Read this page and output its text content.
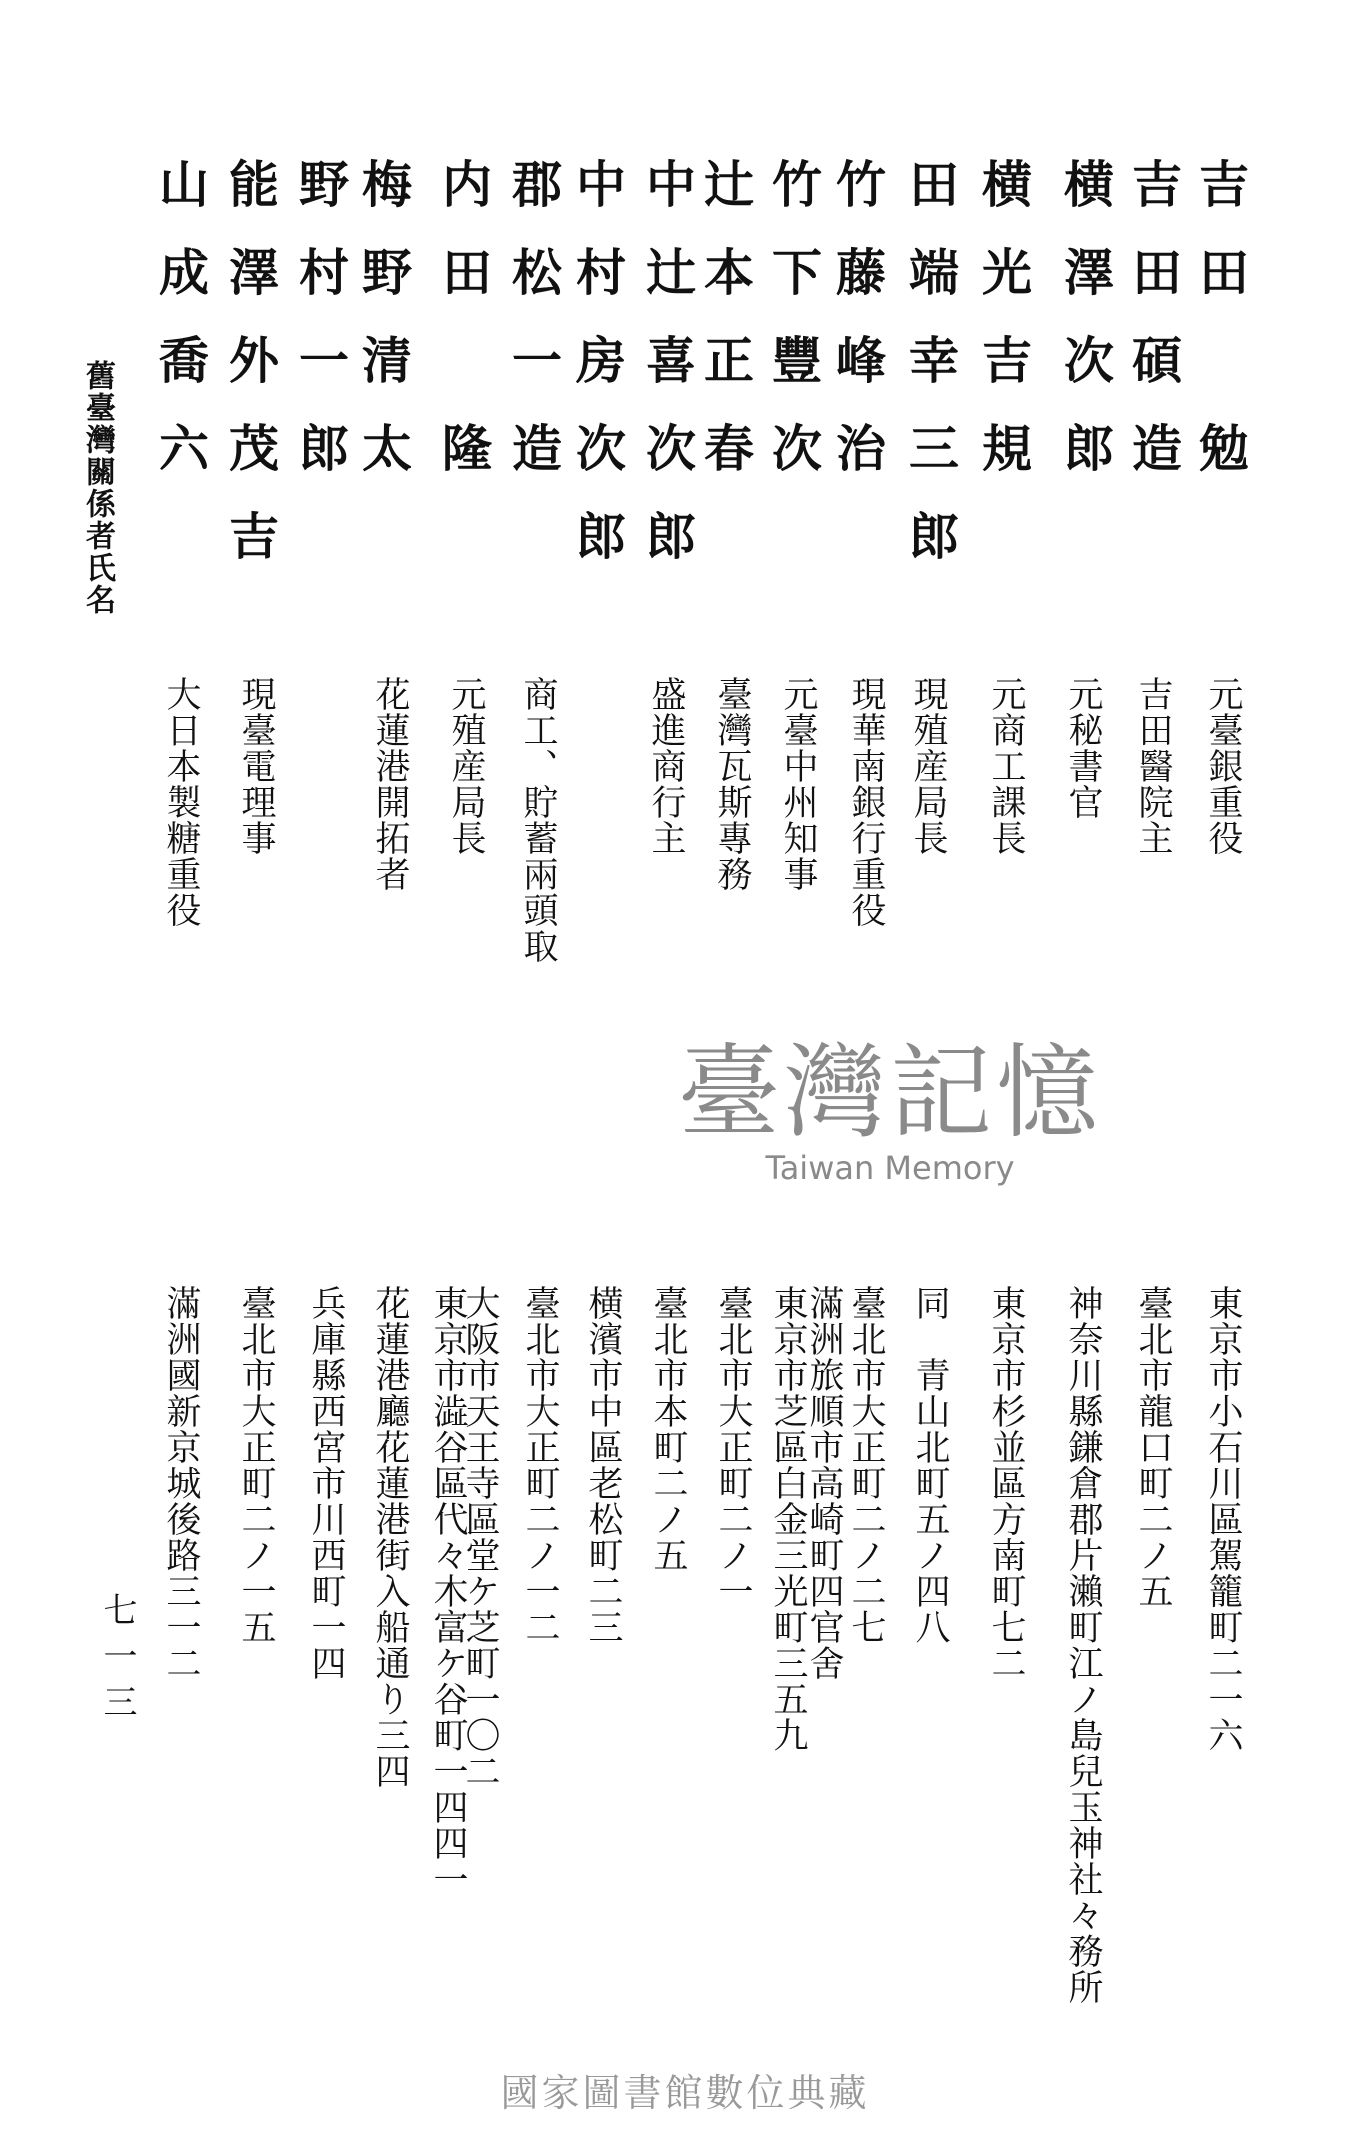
舊臺灣關係者氏名
七一三
吉田　勉
吉田碩造
横澤次郎
横光吉規
田端幸三郎
竹藤峰治
竹下豐次
辻本正春
中辻喜次郎
中村房次郎
郡松一造
内田　隆
梅野清太
野村一郎
能澤外茂吉
山成喬六
元臺銀重役
吉田醫院主
元秘書官
元商工課長
現殖産局長
現華南銀行重役
元臺中州知事
臺灣瓦斯專務
盛進商行主
商工、貯蓄兩頭取
元殖産局長
花蓮港開拓者
現臺電理事
大日本製糖重役
東京市小石川區駕籠町二一六
臺北市龍口町二ノ五
神奈川縣鎌倉郡片瀨町江ノ島兒玉神社々務所
東京市杉並區方南町七二
同　青山北町五ノ四八
臺北市大正町二ノ二七
滿洲旅順市高崎町四官舍
東京市芝區白金三光町三五九
臺北市大正町二ノ一
臺北市本町二ノ五
横濱市中區老松町二三
臺北市大正町二ノ一二
大阪市天王寺區堂ケ芝町一〇二
東京市澁谷區代々木富ケ谷町一四四一
花蓮港廳花蓮港街入船通り三四
兵庫縣西宮市川西町一四
臺北市大正町二ノ一五
滿洲國新京城後路三一二
臺灣記憶
Taiwan Memory
國家圖書館數位典藏
